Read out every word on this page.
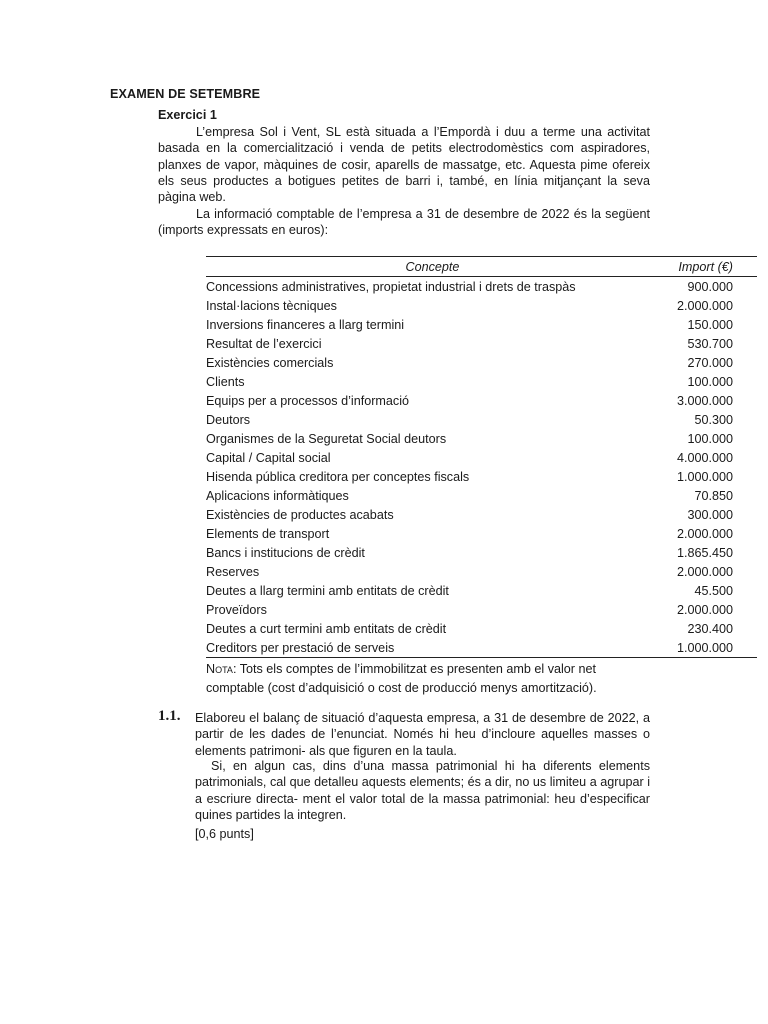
EXAMEN DE SETEMBRE
Exercici 1

L’empresa Sol i Vent, SL està situada a l’Empordà i duu a terme una activitat basada en la comercialització i venda de petits electrodomèstics com aspiradores, planxes de vapor, màquines de cosir, aparells de massatge, etc. Aquesta pime ofereix els seus productes a botigues petites de barri i, també, en línia mitjançant la seva pàgina web.

La informació comptable de l’empresa a 31 de desembre de 2022 és la següent (imports expressats en euros):

Concepte	Import (€)
Concessions administratives, propietat industrial i drets de traspàs	900.000
Instal·lacions tècniques	2.000.000
Inversions financeres a llarg termini	150.000
Resultat de l’exercici	530.700
Existències comercials	270.000
Clients	100.000
Equips per a processos d’informació	3.000.000
Deutors	50.300
Organismes de la Seguretat Social deutors	100.000
Capital / Capital social	4.000.000
Hisenda pública creditora per conceptes fiscals	1.000.000
Aplicacions informàtiques	70.850
Existències de productes acabats	300.000
Elements de transport	2.000.000
Bancs i institucions de crèdit	1.865.450
Reserves	2.000.000
Deutes a llarg termini amb entitats de crèdit	45.500
Proveïdors	2.000.000
Deutes a curt termini amb entitats de crèdit	230.400
Creditors per prestació de serveis	1.000.000

Nota: Tots els comptes de l’immobilitzat es presenten amb el valor net comptable (cost d’adquisició o cost de producció menys amortització).

1.1. Elaboreu el balanç de situació d’aquesta empresa, a 31 de desembre de 2022, a partir de les dades de l’enunciat. Només hi heu d’incloure aquelles masses o elements patrimoni- als que figuren en la taula.

Si, en algun cas, dins d’una massa patrimonial hi ha diferents elements patrimonials, cal que detalleu aquests elements; és a dir, no us limiteu a agrupar i a escriure directa- ment el valor total de la massa patrimonial: heu d’especificar quines partides la integren.

[0,6 punts]
